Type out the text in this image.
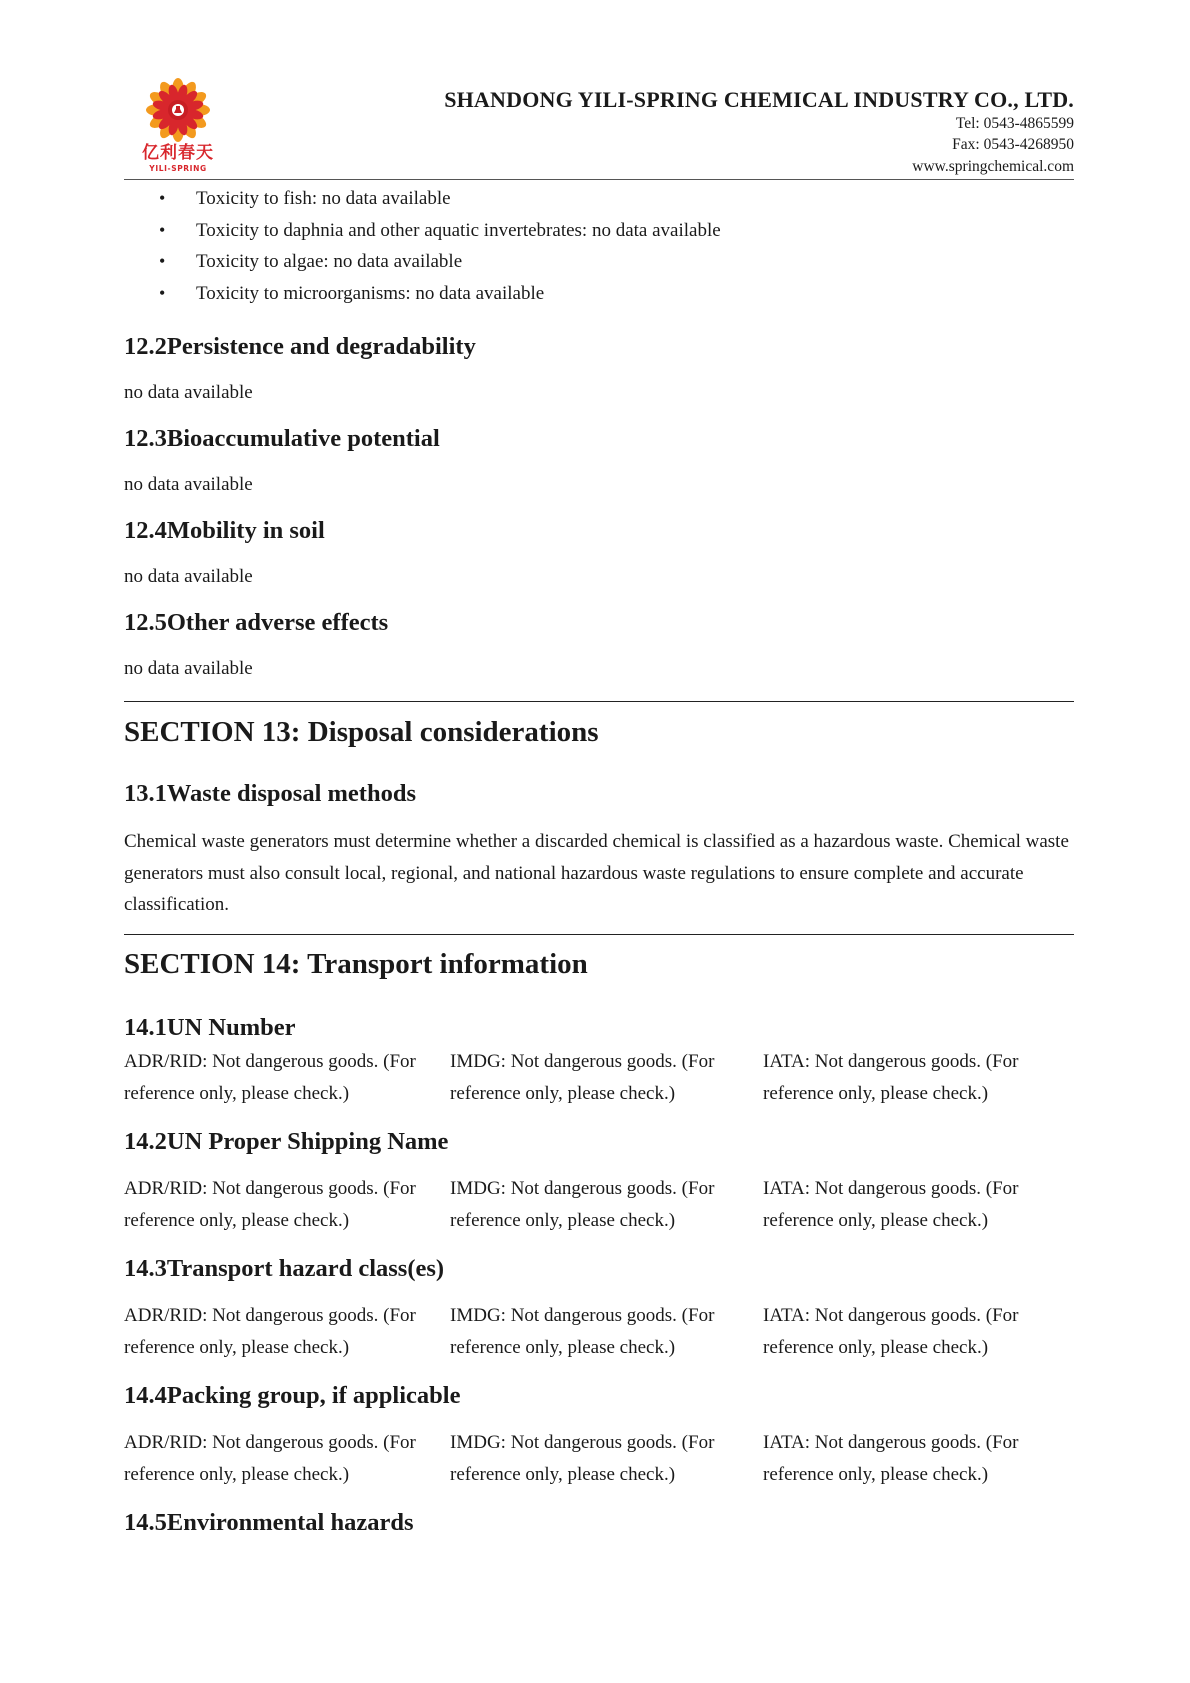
亿利春天
YILI-SPRING
SHANDONG YILI-SPRING CHEMICAL INDUSTRY CO., LTD.
Tel: 0543-4865599
Fax: 0543-4268950
www.springchemical.com
• Toxicity to fish: no data available
• Toxicity to daphnia and other aquatic invertebrates: no data available
• Toxicity to algae: no data available
• Toxicity to microorganisms: no data available
12.2Persistence and degradability

no data available

12.3Bioaccumulative potential

no data available

12.4Mobility in soil

no data available

12.5Other adverse effects

no data available

SECTION 13: Disposal considerations
13.1Waste disposal methods

Chemical waste generators must determine whether a discarded chemical is classified as a hazardous waste. Chemical waste generators must also consult local, regional, and national hazardous waste regulations to ensure complete and accurate classification.

SECTION 14: Transport information
14.1UN Number

ADR/RID: Not dangerous goods. (For reference only, please check.)

IMDG: Not dangerous goods. (For reference only, please check.)

IATA: Not dangerous goods. (For reference only, please check.)

14.2UN Proper Shipping Name

ADR/RID: Not dangerous goods. (For reference only, please check.)

IMDG: Not dangerous goods. (For reference only, please check.)

IATA: Not dangerous goods. (For reference only, please check.)

14.3Transport hazard class(es)

ADR/RID: Not dangerous goods. (For reference only, please check.)

IMDG: Not dangerous goods. (For reference only, please check.)

IATA: Not dangerous goods. (For reference only, please check.)

14.4Packing group, if applicable

ADR/RID: Not dangerous goods. (For reference only, please check.)

IMDG: Not dangerous goods. (For reference only, please check.)

IATA: Not dangerous goods. (For reference only, please check.)

14.5Environmental hazards
